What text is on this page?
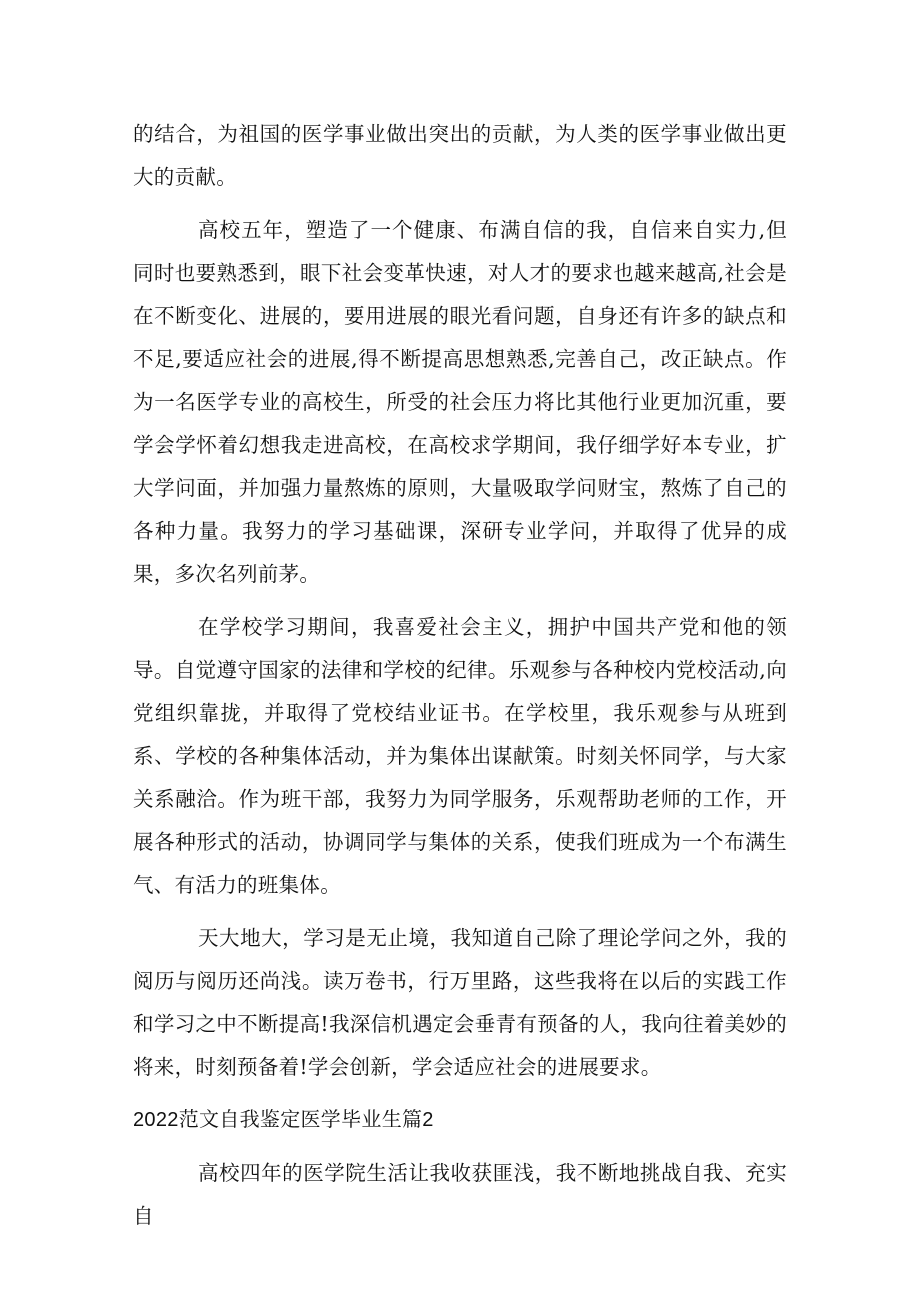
的结合，为祖国的医学事业做出突出的贡献，为人类的医学事业做出更大的贡献。

高校五年，塑造了一个健康、布满自信的我，自信来自实力,但同时也要熟悉到，眼下社会变革快速，对人才的要求也越来越高,社会是在不断变化、进展的，要用进展的眼光看问题，自身还有许多的缺点和不足,要适应社会的进展,得不断提高思想熟悉,完善自己，改正缺点。作为一名医学专业的高校生，所受的社会压力将比其他行业更加沉重，要学会学怀着幻想我走进高校，在高校求学期间，我仔细学好本专业，扩大学问面，并加强力量熬炼的原则，大量吸取学问财宝，熬炼了自己的各种力量。我努力的学习基础课，深研专业学问，并取得了优异的成果，多次名列前茅。

在学校学习期间，我喜爱社会主义，拥护中国共产党和他的领导。自觉遵守国家的法律和学校的纪律。乐观参与各种校内党校活动,向党组织靠拢，并取得了党校结业证书。在学校里，我乐观参与从班到系、学校的各种集体活动，并为集体出谋献策。时刻关怀同学，与大家关系融洽。作为班干部，我努力为同学服务，乐观帮助老师的工作，开展各种形式的活动，协调同学与集体的关系，使我们班成为一个布满生气、有活力的班集体。

天大地大，学习是无止境，我知道自己除了理论学问之外，我的阅历与阅历还尚浅。读万卷书，行万里路，这些我将在以后的实践工作和学习之中不断提高!我深信机遇定会垂青有预备的人，我向往着美妙的将来，时刻预备着!学会创新，学会适应社会的进展要求。

2022范文自我鉴定医学毕业生篇2

高校四年的医学院生活让我收获匪浅，我不断地挑战自我、充实自
